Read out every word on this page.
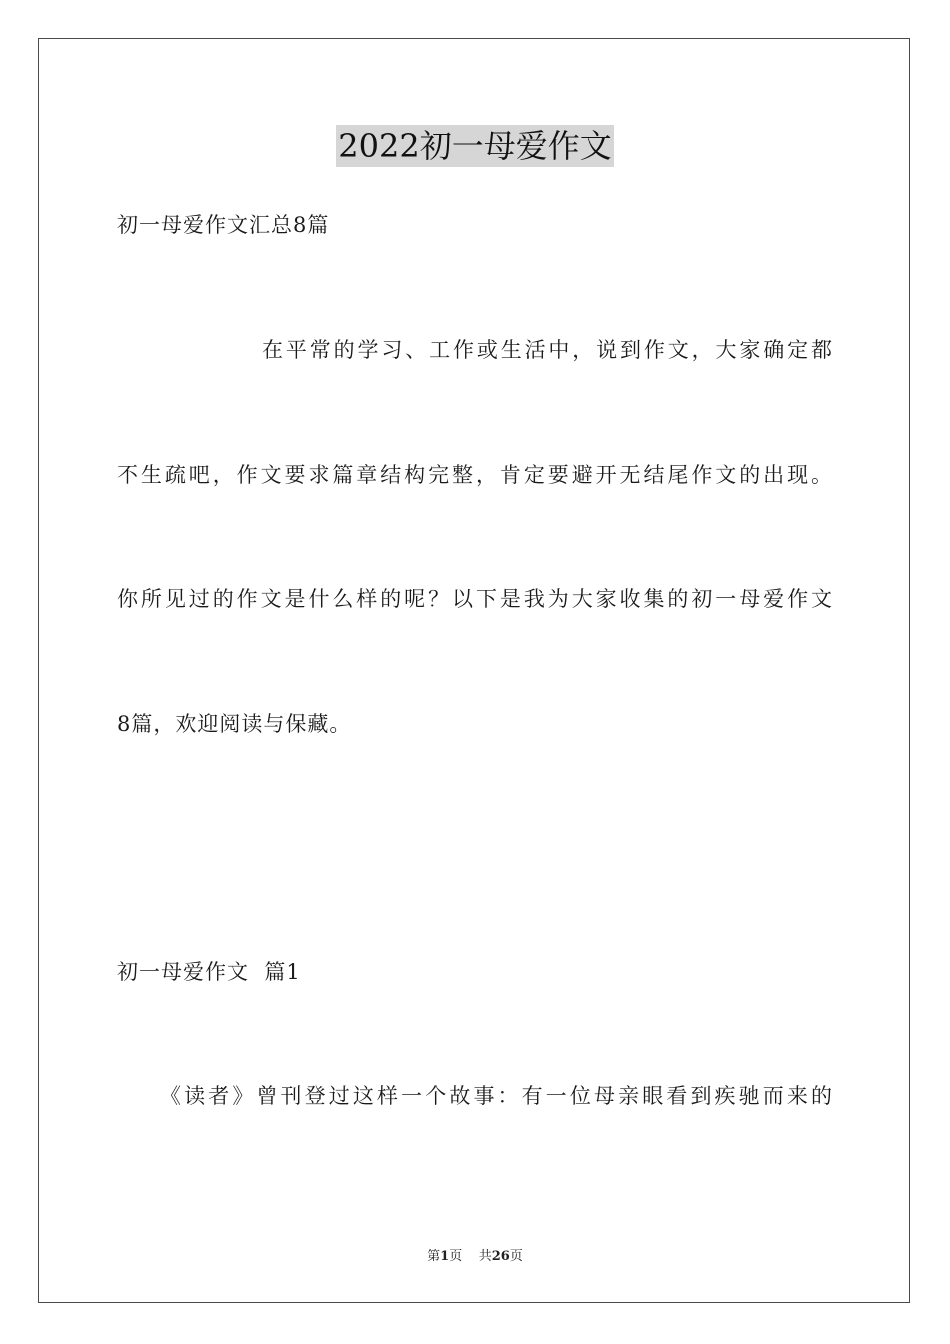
2022初一母爱作文
初一母爱作文汇总8篇
在平常的学习、工作或生活中，说到作文，大家确定都
不生疏吧，作文要求篇章结构完整，肯定要避开无结尾作文的出现。
你所见过的作文是什么样的呢？以下是我为大家收集的初一母爱作文
8篇，欢迎阅读与保藏。
初一母爱作文  篇1
《读者》曾刊登过这样一个故事：有一位母亲眼看到疾驰而来的
第1页 共26页
